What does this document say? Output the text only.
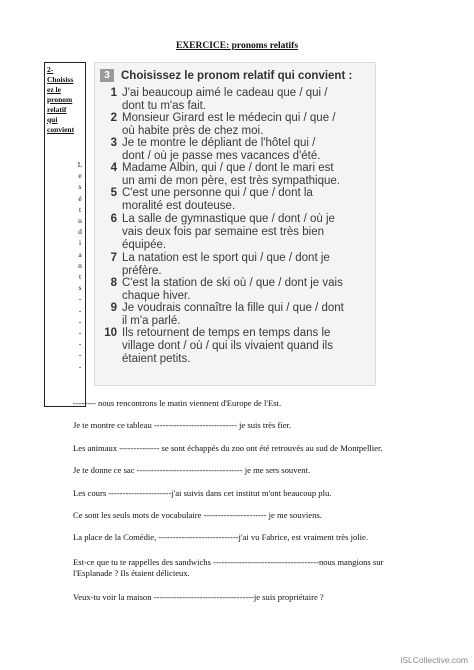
EXERCICE: pronoms relatifs
2-
Choisiss
ez le
pronom
relatif
qui
convient
L
e
s
é
t
u
d
i
a
n
t
s
-
-
-
-
-
-
-
3 Choisissez le pronom relatif qui convient :
1 J'ai beaucoup aimé le cadeau que / qui /
dont tu m'as fait.
2 Monsieur Girard est le médecin qui / que /
où habite près de chez moi.
3 Je te montre le dépliant de l'hôtel qui /
dont / où je passe mes vacances d'été.
4 Madame Albin, qui / que / dont le mari est
un ami de mon père, est très sympathique.
5 C'est une personne qui / que / dont la
moralité est douteuse.
6 La salle de gymnastique que / dont / où je
vais deux fois par semaine est très bien
équipée.
7 La natation est le sport qui / que / dont je
préfère.
8 C'est la station de ski où / que / dont je vais
chaque hiver.
9 Je voudrais connaître la fille qui / que / dont
il m'a parlé.
10 Ils retournent de temps en temps dans le
village dont / où / qui ils vivaient quand ils
étaient petits.
-------- nous rencontrons le matin viennent d'Europe de l'Est.
Je te montre ce tableau ----------------------------- je suis très fier.
Les animaux -------------- se sont échappés du zoo ont été retrouvés au sud de Montpellier.
Je te donne ce sac ------------------------------------- je me sers souvent.
Les cours ----------------------j'ai suivis dans cet institut m'ont beaucoup plu.
Ce sont les seuls mots de vocabulaire ---------------------- je me souviens.
La place de la Comédie, ----------------------------j'ai vu Fabrice, est vraiment très jolie.
Est-ce que tu te rappelles des sandwichs -------------------------------------nous mangions sur
l'Esplanade ? Ils étaient délicieux.
Veux-tu voir la maison -----------------------------------je suis propriétaire ?
iSLCollective.com
